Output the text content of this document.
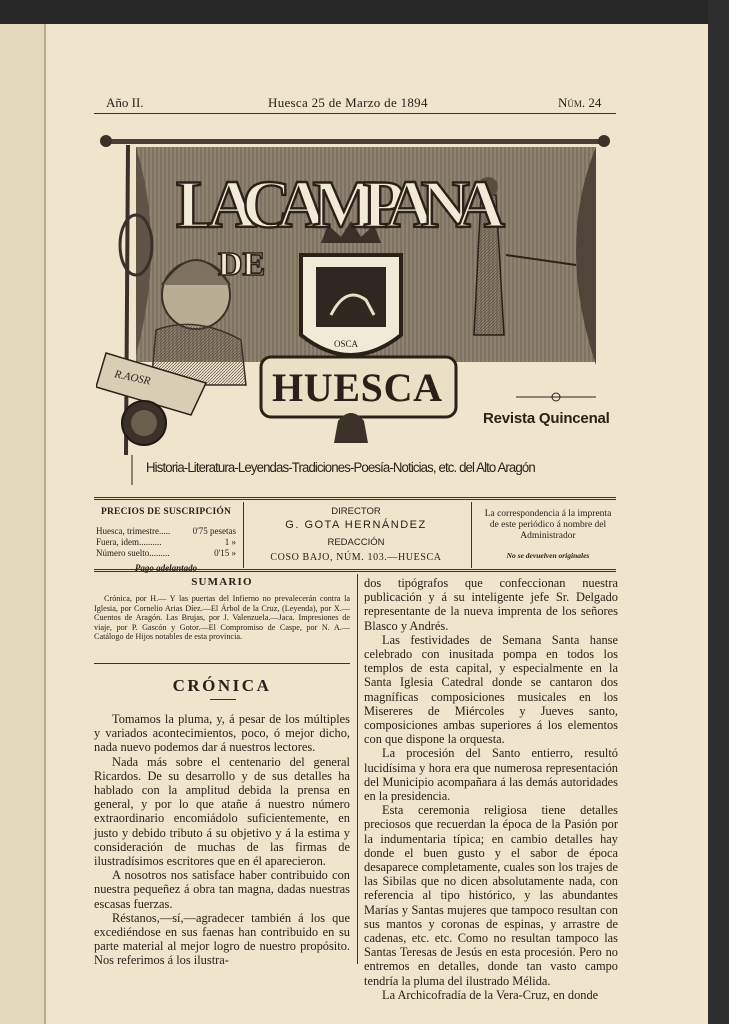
Año II.	Huesca 25 de Marzo de 1894	Núm. 24
OSCA
R.AOSR
LA CAMPANA
DE
HUESCA
Revista Quincenal
Historia-Literatura-Leyendas-Tradiciones-Poesía-Noticias, etc. del Alto Aragón
PRECIOS DE SUSCRIPCIÓN
Huesca, trimestre..... 0'75 pesetas
Fuera, idem..........	1 »
Número suelto.........	0'15 »
Pago adelantado
DIRECTOR
G. GOTA HERNÁNDEZ
REDACCIÓN
COSO BAJO, NÚM. 103.—HUESCA
La correspondencia á la imprenta de este periódico á nombre del Administrador
No se devuelven originales
SUMARIO
Crónica, por H.— Y las puertas del Infierno no prevalecerán contra la Iglesia, por Cornelio Arias Díez.—El Árbol de la Cruz, (Leyenda), por X.—Cuentos de Aragón. Las Brujas, por J. Valenzuela.—Jaca. Impresiones de viaje, por P. Gascón y Gotor.—El Compromiso de Caspe, por N. A.—Catálogo de Hijos notables de esta provincia.
CRÓNICA

Tomamos la pluma, y, á pesar de los múltiples y variados acontecimientos, poco, ó mejor dicho, nada nuevo podemos dar á nuestros lectores.

Nada más sobre el centenario del general Ricardos. De su desarrollo y de sus detalles ha hablado con la amplitud debida la prensa en general, y por lo que atañe á nuestro número extraordinario encomiádolo suficientemente, en justo y debido tributo á su objetivo y á la estima y consideración de muchas de las firmas de ilustradísimos escritores que en él aparecieron.

A nosotros nos satisface haber contribuido con nuestra pequeñez á obra tan magna, dadas nuestras escasas fuerzas.

Réstanos,—sí,—agradecer también á los que excediéndose en sus faenas han contribuido en su parte material al mejor logro de nuestro propósito. Nos referimos á los ilustra-

dos tipógrafos que confeccionan nuestra publicación y á su inteligente jefe Sr. Delgado representante de la nueva imprenta de los señores Blasco y Andrés.

Las festividades de Semana Santa hanse celebrado con inusitada pompa en todos los templos de esta capital, y especialmente en la Santa Iglesia Catedral donde se cantaron dos magníficas composiciones musicales en los Misereres de Miércoles y Jueves santo, composiciones ambas superiores á los elementos con que dispone la orquesta.

La procesión del Santo entierro, resultó lucidísima y hora era que numerosa representación del Municipio acompañara á las demás autoridades en la presidencia.

Esta ceremonia religiosa tiene detalles preciosos que recuerdan la época de la Pasión por la indumentaria típica; en cambio detalles hay donde el buen gusto y el sabor de época desaparece completamente, cuales son los trajes de las Sibilas que no dicen absolutamente nada, con referencia al tipo histórico, y las abundantes Marías y Santas mujeres que tampoco resultan con sus mantos y coronas de espinas, y arrastre de cadenas, etc. etc. Como no resultan tampoco las Santas Teresas de Jesús en esta procesión. Pero no entremos en detalles, donde tan vasto campo tendría la pluma del ilustrado Mélida.

La Archicofradía de la Vera-Cruz, en donde
